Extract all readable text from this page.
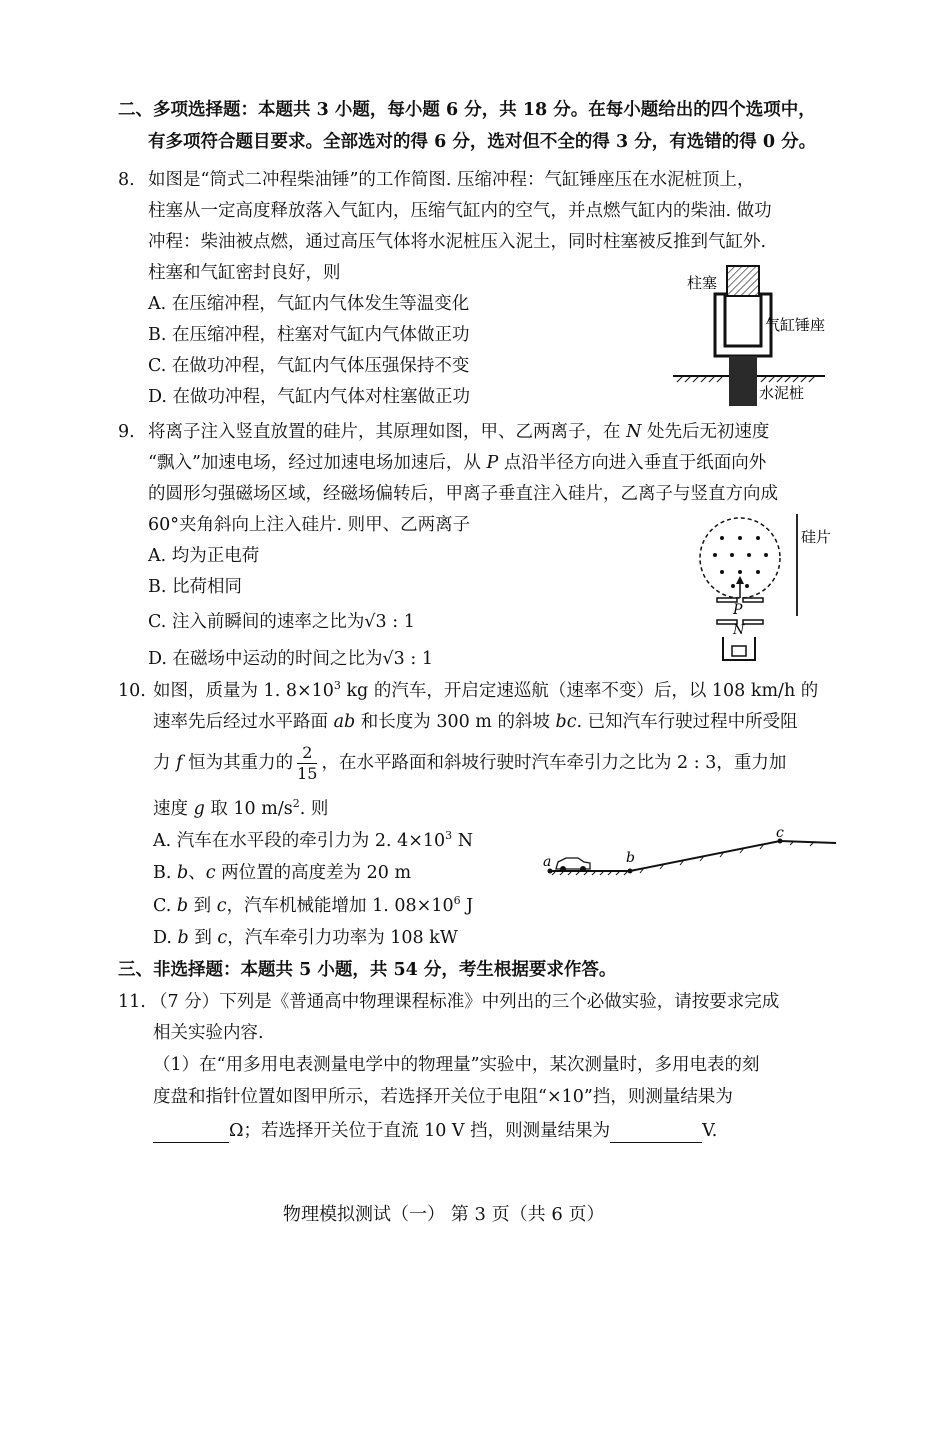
二、多项选择题：本题共 3 小题，每小题 6 分，共 18 分。在每小题给出的四个选项中，
有多项符合题目要求。全部选对的得 6 分，选对但不全的得 3 分，有选错的得 0 分。
8. 如图是“筒式二冲程柴油锤”的工作简图. 压缩冲程：气缸锤座压在水泥桩顶上，
柱塞从一定高度释放落入气缸内，压缩气缸内的空气，并点燃气缸内的柴油. 做功
冲程：柴油被点燃，通过高压气体将水泥桩压入泥土，同时柱塞被反推到气缸外.
柱塞和气缸密封良好，则
A. 在压缩冲程，气缸内气体发生等温变化
B. 在压缩冲程，柱塞对气缸内气体做正功
C. 在做功冲程，气缸内气体压强保持不变
D. 在做功冲程，气缸内气体对柱塞做正功
柱塞
气缸锤座
水泥桩
9. 将离子注入竖直放置的硅片，其原理如图，甲、乙两离子，在 N 处先后无初速度
“飘入”加速电场，经过加速电场加速后，从 P 点沿半径方向进入垂直于纸面向外
的圆形匀强磁场区域，经磁场偏转后，甲离子垂直注入硅片，乙离子与竖直方向成
60°夹角斜向上注入硅片. 则甲、乙两离子
A. 均为正电荷
B. 比荷相同
C. 注入前瞬间的速率之比为√3 : 1
D. 在磁场中运动的时间之比为√3 : 1
P
N
硅片
10. 如图，质量为 1. $8\times 10^3$ kg 的汽车，开启定速巡航（速率不变）后，以 108 km/h 的
速率先后经过水平路面 ab 和长度为 300 m 的斜坡 bc. 已知汽车行驶过程中所受阻
力 f 恒为其重力的 $\frac{2}{15}$ ，在水平路面和斜坡行驶时汽车牵引力之比为 2 : 3，重力加
速度 g 取 10 $m/s^2$. 则
A. 汽车在水平段的牵引力为 2. $4\times 10^3$ N
B. b、c 两位置的高度差为 20 m
C. b 到 c，汽车机械能增加 1. $08\times 10^6$ J
D. b 到 c，汽车牵引力功率为 108 kW
a	b
c
三、非选择题：本题共 5 小题，共 54 分，考生根据要求作答。
11. （7 分）下列是《普通高中物理课程标准》中列出的三个必做实验，请按要求完成
相关实验内容.
（1）在“用多用电表测量电学中的物理量”实验中，某次测量时，多用电表的刻
度盘和指针位置如图甲所示，若选择开关位于电阻“×10”挡，则测量结果为
Ω；若选择开关位于直流 10 V 挡，则测量结果为	V.
物理模拟测试（一） 第 3 页（共 6 页）
